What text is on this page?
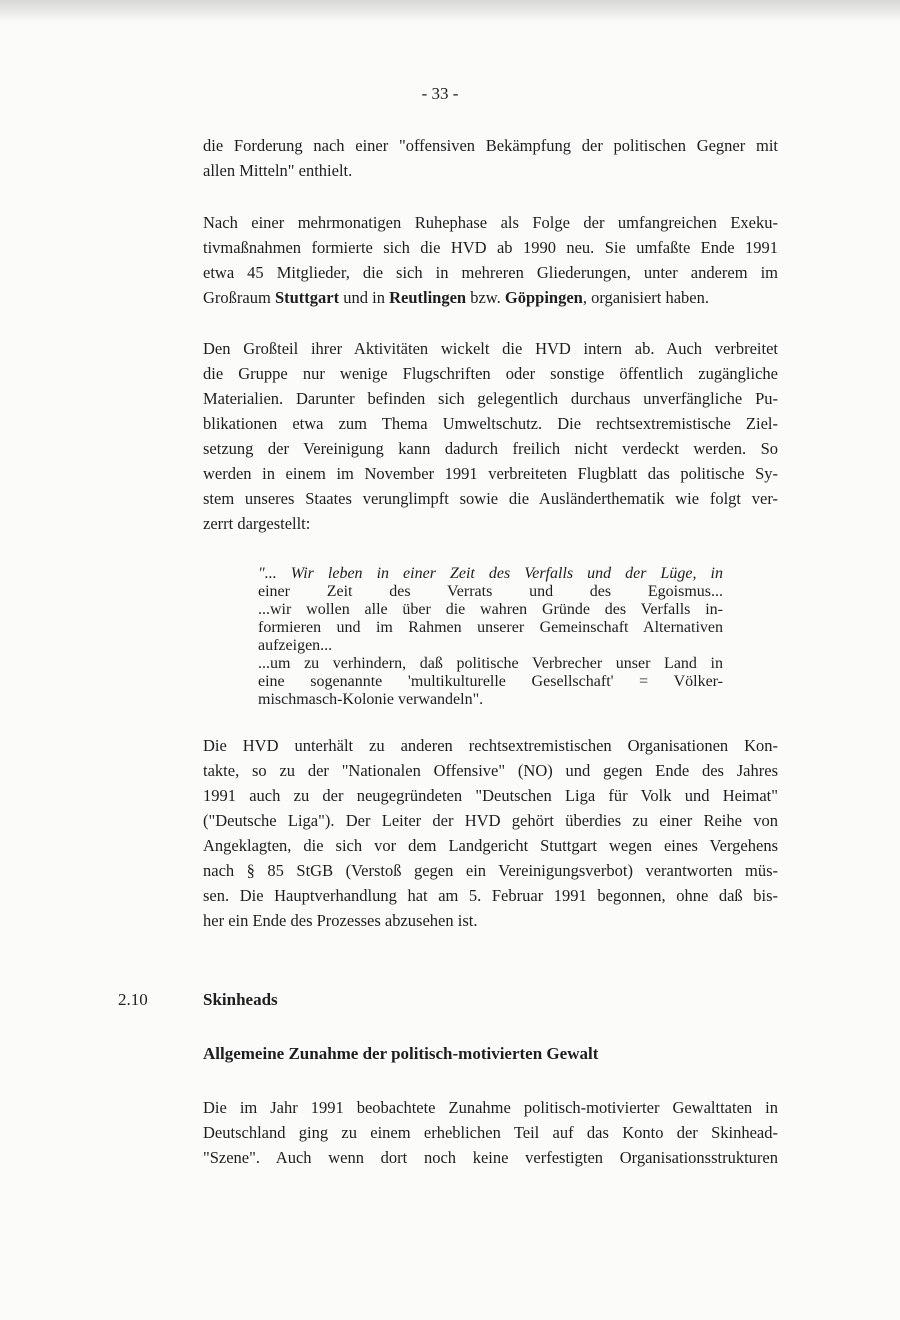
- 33 -
die Forderung nach einer "offensiven Bekämpfung der politischen Gegner mit
allen Mitteln" enthielt.
Nach einer mehrmonatigen Ruhephase als Folge der umfangreichen Exeku-
tivmaßnahmen formierte sich die HVD ab 1990 neu. Sie umfaßte Ende 1991
etwa 45 Mitglieder, die sich in mehreren Gliederungen, unter anderem im
Großraum Stuttgart und in Reutlingen bzw. Göppingen, organisiert haben.
Den Großteil ihrer Aktivitäten wickelt die HVD intern ab. Auch verbreitet
die Gruppe nur wenige Flugschriften oder sonstige öffentlich zugängliche
Materialien. Darunter befinden sich gelegentlich durchaus unverfängliche Pu-
blikationen etwa zum Thema Umweltschutz. Die rechtsextremistische Ziel-
setzung der Vereinigung kann dadurch freilich nicht verdeckt werden. So
werden in einem im November 1991 verbreiteten Flugblatt das politische Sy-
stem unseres Staates verunglimpft sowie die Ausländerthematik wie folgt ver-
zerrt dargestellt:
"... Wir leben in einer Zeit des Verfalls und der Lüge, in
einer Zeit des Verrats und des Egoismus...
...wir wollen alle über die wahren Gründe des Verfalls in-
formieren und im Rahmen unserer Gemeinschaft Alternativen
aufzeigen...
...um zu verhindern, daß politische Verbrecher unser Land in
eine sogenannte 'multikulturelle Gesellschaft' = Völker-
mischmasch-Kolonie verwandeln".
Die HVD unterhält zu anderen rechtsextremistischen Organisationen Kon-
takte, so zu der "Nationalen Offensive" (NO) und gegen Ende des Jahres
1991 auch zu der neugegründeten "Deutschen Liga für Volk und Heimat"
("Deutsche Liga"). Der Leiter der HVD gehört überdies zu einer Reihe von
Angeklagten, die sich vor dem Landgericht Stuttgart wegen eines Vergehens
nach § 85 StGB (Verstoß gegen ein Vereinigungsverbot) verantworten müs-
sen. Die Hauptverhandlung hat am 5. Februar 1991 begonnen, ohne daß bis-
her ein Ende des Prozesses abzusehen ist.
2.10	Skinheads
Allgemeine Zunahme der politisch-motivierten Gewalt
Die im Jahr 1991 beobachtete Zunahme politisch-motivierter Gewalttaten in
Deutschland ging zu einem erheblichen Teil auf das Konto der Skinhead-
"Szene". Auch wenn dort noch keine verfestigten Organisationsstrukturen
